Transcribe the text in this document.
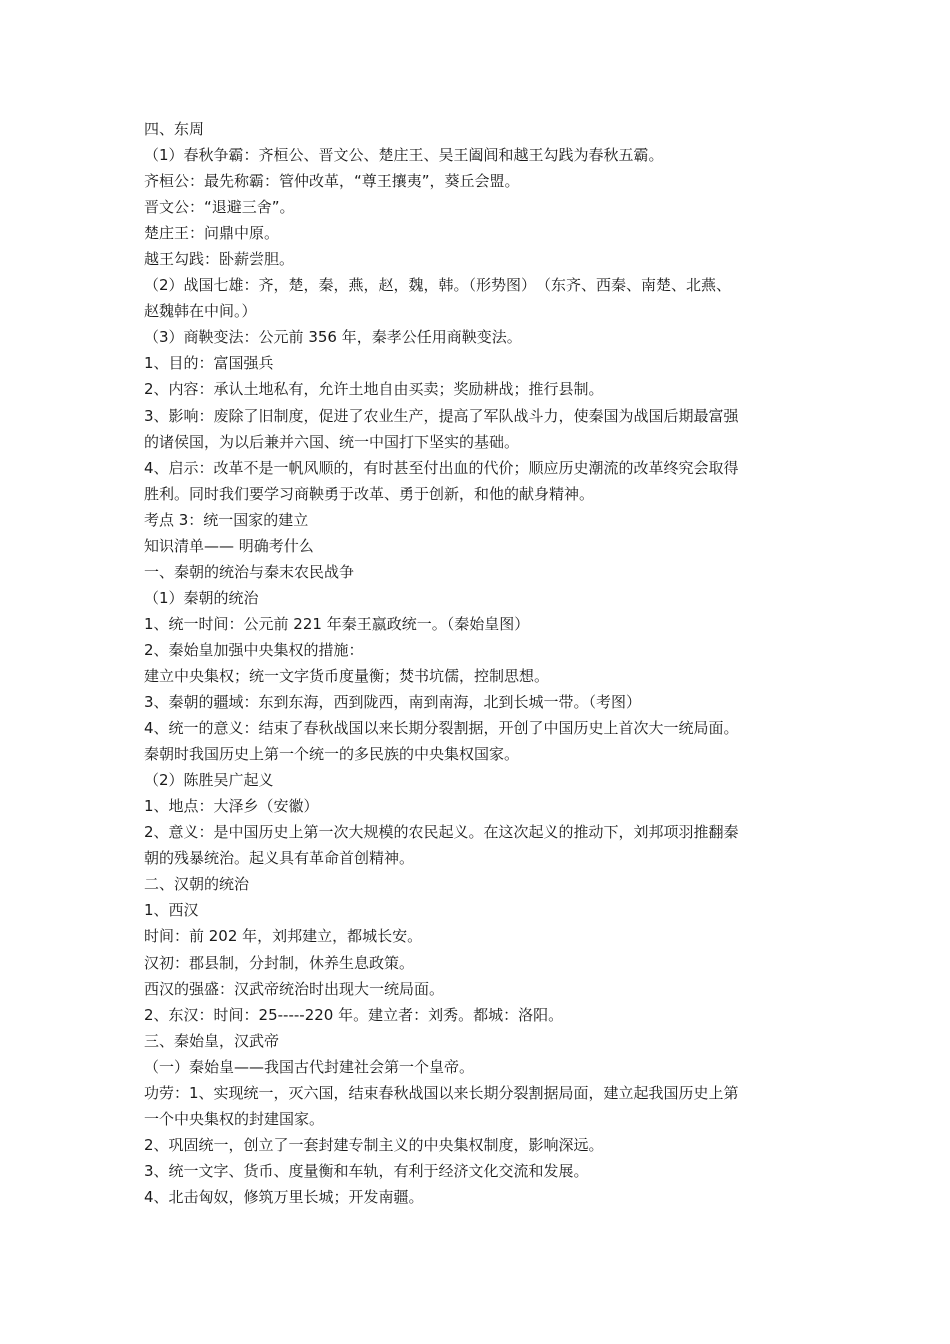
四、东周
（1）春秋争霸：齐桓公、晋文公、楚庄王、吴王阖闾和越王勾践为春秋五霸。
齐桓公：最先称霸：管仲改革，“尊王攘夷”，葵丘会盟。
晋文公：“退避三舍”。
楚庄王：问鼎中原。
越王勾践：卧薪尝胆。
（2）战国七雄：齐，楚，秦，燕，赵，魏，韩。（形势图）　（东齐、西秦、南楚、北燕、
赵魏韩在中间。）
（3）商鞅变法：公元前 356 年，秦孝公任用商鞅变法。
1、目的：富国强兵
2、内容：承认土地私有，允许土地自由买卖；奖励耕战；推行县制。
3、影响：废除了旧制度，促进了农业生产，提高了军队战斗力，使秦国为战国后期最富强
的诸侯国，为以后兼并六国、统一中国打下坚实的基础。
4、启示：改革不是一帆风顺的，有时甚至付出血的代价；顺应历史潮流的改革终究会取得
胜利。同时我们要学习商鞅勇于改革、勇于创新，和他的献身精神。
考点 3：统一国家的建立
知识清单—— 明确考什么
一、秦朝的统治与秦末农民战争
（1）秦朝的统治
1、统一时间：公元前 221 年秦王嬴政统一。（秦始皇图）
2、秦始皇加强中央集权的措施：
建立中央集权；统一文字货币度量衡；焚书坑儒，控制思想。
3、秦朝的疆域：东到东海，西到陇西，南到南海，北到长城一带。（考图）
4、统一的意义：结束了春秋战国以来长期分裂割据，开创了中国历史上首次大一统局面。
秦朝时我国历史上第一个统一的多民族的中央集权国家。
（2）陈胜吴广起义
1、地点：大泽乡（安徽）
2、意义：是中国历史上第一次大规模的农民起义。在这次起义的推动下，刘邦项羽推翻秦
朝的残暴统治。起义具有革命首创精神。
二、汉朝的统治
1、西汉
时间：前 202 年，刘邦建立，都城长安。
汉初：郡县制，分封制，休养生息政策。
西汉的强盛：汉武帝统治时出现大一统局面。
2、东汉：时间：25-----220 年。建立者：刘秀。都城：洛阳。
三、秦始皇，汉武帝
（一）秦始皇——我国古代封建社会第一个皇帝。
功劳：1、实现统一，灭六国，结束春秋战国以来长期分裂割据局面，建立起我国历史上第
一个中央集权的封建国家。
2、巩固统一，创立了一套封建专制主义的中央集权制度，影响深远。
3、统一文字、货币、度量衡和车轨，有利于经济文化交流和发展。
4、北击匈奴，修筑万里长城；开发南疆。
